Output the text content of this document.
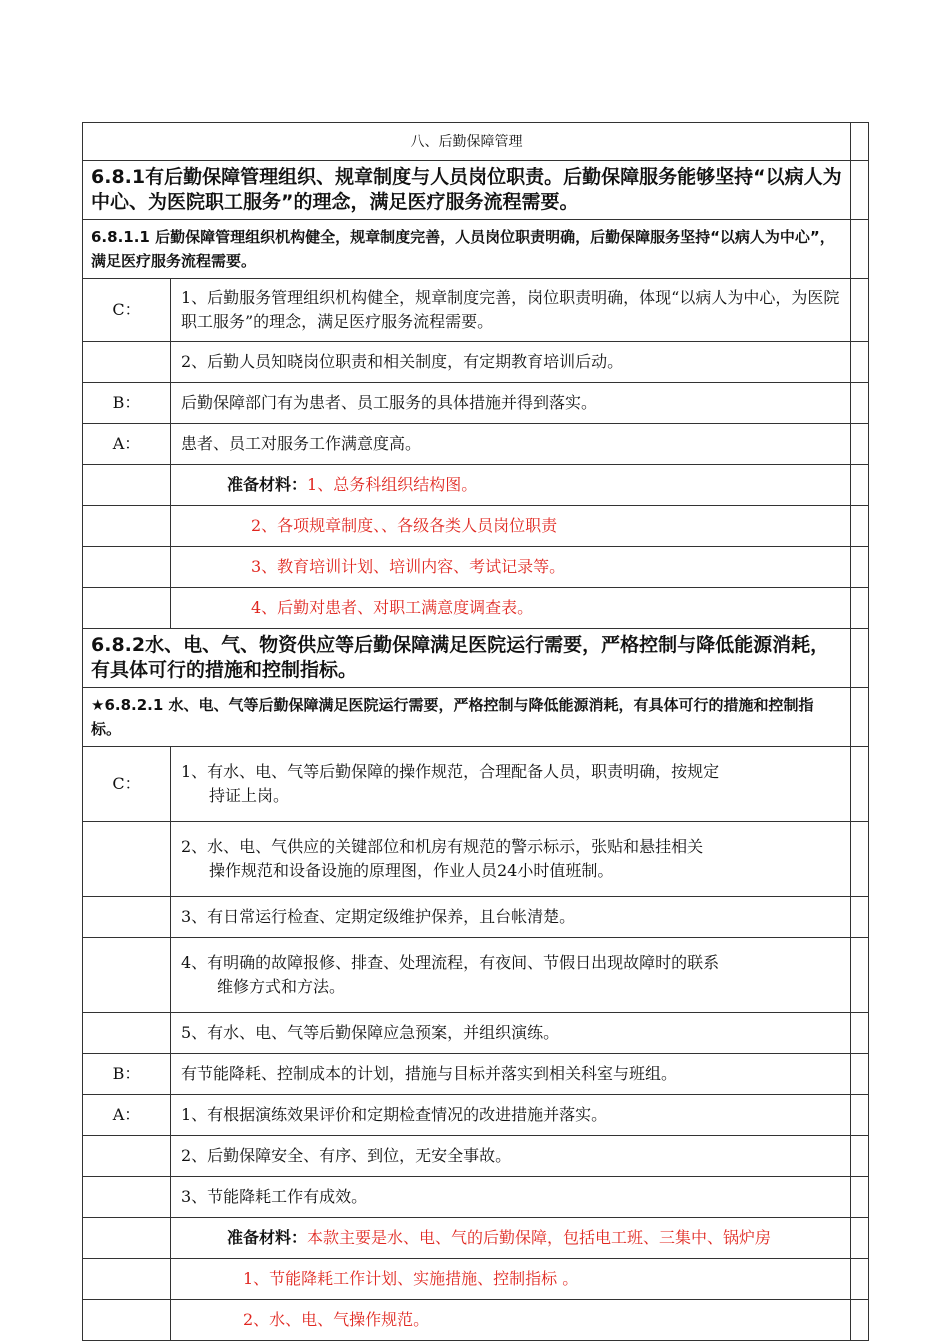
八、后勤保障管理		
6.8.1有后勤保障管理组织、规章制度与人员岗位职责。后勤保障服务能够坚持“以病人为中心、为医院职工服务”的理念，满足医疗服务流程需要。		
6.8.1.1 后勤保障管理组织机构健全，规章制度完善，人员岗位职责明确，后勤保障服务坚持“以病人为中心”，满足医疗服务流程需要。		
C：	1、后勤服务管理组织机构健全，规章制度完善，岗位职责明确，体现“以病人为中心，为医院职工服务”的理念，满足医疗服务流程需要。	
	2、后勤人员知晓岗位职责和相关制度，有定期教育培训后动。	
B：	后勤保障部门有为患者、员工服务的具体措施并得到落实。	
A：	患者、员工对服务工作满意度高。	
	准备材料：1、总务科组织结构图。	
	2、各项规章制度、、各级各类人员岗位职责	
	3、教育培训计划、培训内容、考试记录等。	
	4、后勤对患者、对职工满意度调查表。	
6.8.2水、电、气、物资供应等后勤保障满足医院运行需要，严格控制与降低能源消耗，有具体可行的措施和控制指标。		
★6.8.2.1 水、电、气等后勤保障满足医院运行需要，严格控制与降低能源消耗，有具体可行的措施和控制指标。		
C：	1、有水、电、气等后勤保障的操作规范，合理配备人员，职责明确，按规定
持证上岗。	

	2、水、电、气供应的关键部位和机房有规范的警示标示，张贴和悬挂相关
操作规范和设备设施的原理图，作业人员24小时值班制。	

	3、有日常运行检查、定期定级维护保养，且台帐清楚。	
	4、有明确的故障报修、排查、处理流程，有夜间、节假日出现故障时的联系
维修方式和方法。	

	5、有水、电、气等后勤保障应急预案，并组织演练。	
B：	有节能降耗、控制成本的计划，措施与目标并落实到相关科室与班组。	
A：	1、有根据演练效果评价和定期检查情况的改进措施并落实。	
	2、后勤保障安全、有序、到位，无安全事故。	
	3、节能降耗工作有成效。	
	准备材料：本款主要是水、电、气的后勤保障，包括电工班、三集中、锅炉房	
	1、节能降耗工作计划、实施措施、控制指标 。	
	2、水、电、气操作规范。	
